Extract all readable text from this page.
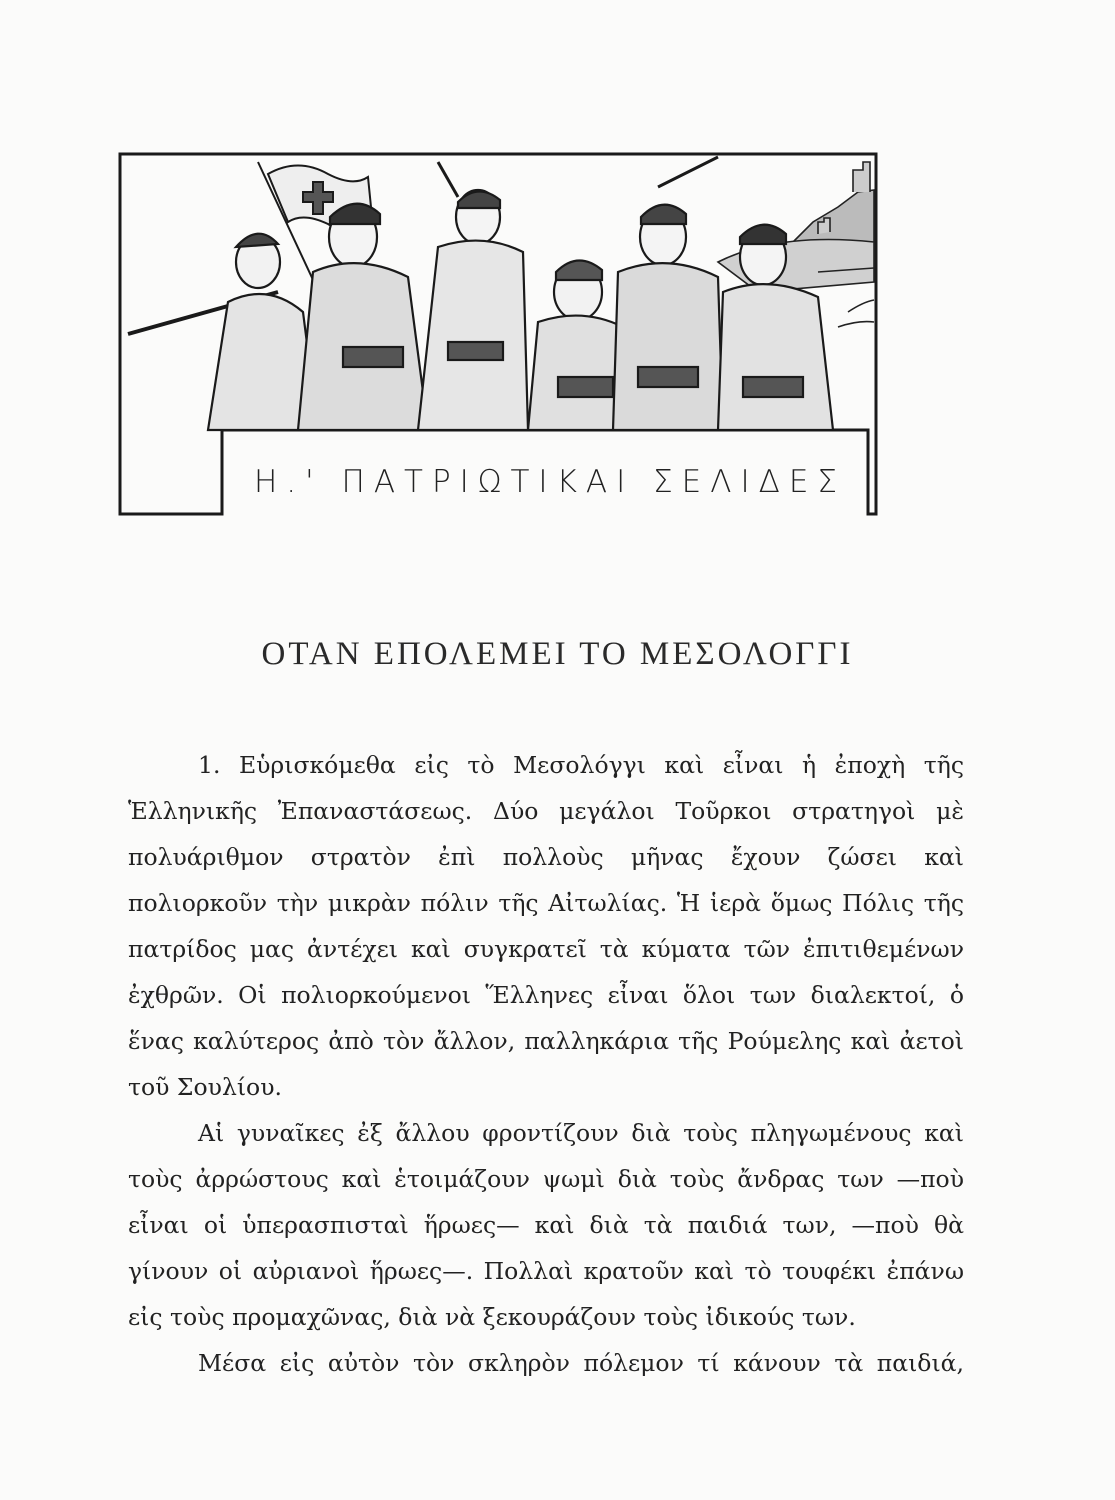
Η.' ΠΑΤΡΙΩΤΙΚΑΙ ΣΕΛΙΔΕΣ
ΟΤΑΝ ΕΠΟΛΕΜΕΙ ΤΟ ΜΕΣΟΛΟΓΓΙ

1. Εὑρισκόμεθα εἰς τὸ Μεσολόγγι καὶ εἶναι ἡ ἐποχὴ τῆς Ἑλληνικῆς Ἐπαναστάσεως. Δύο μεγάλοι Τοῦρκοι στρατηγοὶ μὲ πολυάριθμον στρατὸν ἐπὶ πολλοὺς μῆνας ἔχουν ζώσει καὶ πολιορκοῦν τὴν μικρὰν πόλιν τῆς Αἰτωλίας. Ἡ ἱερὰ ὅμως Πόλις τῆς πατρίδος μας ἀντέχει καὶ συγκρατεῖ τὰ κύματα τῶν ἐπιτιθεμένων ἐχθρῶν. Οἱ πολιορκούμενοι Ἕλληνες εἶναι ὅλοι των διαλεκτοί, ὁ ἕνας καλύτερος ἀπὸ τὸν ἄλλον, παλληκάρια τῆς Ρούμελης καὶ ἀετοὶ τοῦ Σουλίου.

Αἱ γυναῖκες ἐξ ἄλλου φροντίζουν διὰ τοὺς πληγωμένους καὶ τοὺς ἀρρώστους καὶ ἑτοιμάζουν ψωμὶ διὰ τοὺς ἄνδρας των —ποὺ εἶναι οἱ ὑπερασπισταὶ ἥρωες— καὶ διὰ τὰ παιδιά των, —ποὺ θὰ γίνουν οἱ αὐριανοὶ ἥρωες—. Πολλαὶ κρατοῦν καὶ τὸ τουφέκι ἐπάνω εἰς τοὺς προμαχῶνας, διὰ νὰ ξεκουράζουν τοὺς ἰδικούς των.

Μέσα εἰς αὐτὸν τὸν σκληρὸν πόλεμον τί κάνουν τὰ παιδιά,
